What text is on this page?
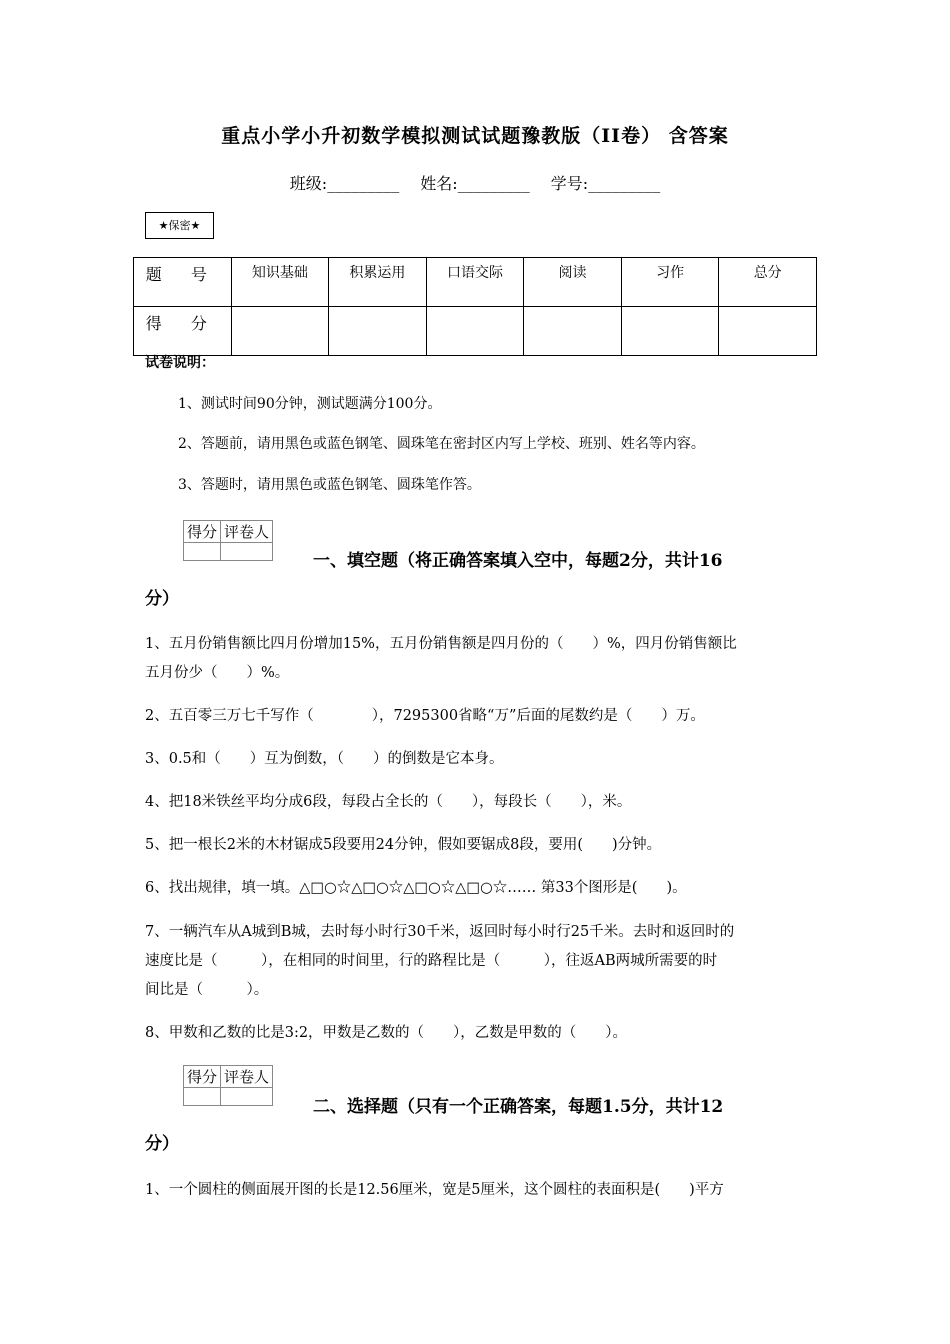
重点小学小升初数学模拟测试试题豫教版（II卷） 含答案
班级:_________ 姓名:_________ 学号:_________
★保密★
题 号	知识基础	积累运用	口语交际	阅读	习作	总分
得 分						
试卷说明：
1、测试时间90分钟，测试题满分100分。
2、答题前，请用黑色或蓝色钢笔、圆珠笔在密封区内写上学校、班别、姓名等内容。
3、答题时，请用黑色或蓝色钢笔、圆珠笔作答。
得分	评卷人

一、填空题（将正确答案填入空中，每题2分，共计16
分）
1、五月份销售额比四月份增加15%，五月份销售额是四月份的（　　）%，四月份销售额比
五月份少（　　）%。
2、五百零三万七千写作（　　　　），7295300省略“万”后面的尾数约是（　　）万。
3、0.5和（　　）互为倒数，（　　）的倒数是它本身。
4、把18米铁丝平均分成6段，每段占全长的（　　），每段长（　　），米。
5、把一根长2米的木材锯成5段要用24分钟，假如要锯成8段，要用(　　)分钟。
6、找出规律，填一填。△□○☆△□○☆△□○☆△□○☆…… 第33个图形是(　　)。
7、一辆汽车从A城到B城，去时每小时行30千米，返回时每小时行25千米。去时和返回时的
速度比是（　　　），在相同的时间里，行的路程比是（　　　），往返AB两城所需要的时
间比是（　　　）。
8、甲数和乙数的比是3:2，甲数是乙数的（　　），乙数是甲数的（　　）。
得分	评卷人

二、选择题（只有一个正确答案，每题1.5分，共计12
分）
1、一个圆柱的侧面展开图的长是12.56厘米，宽是5厘米，这个圆柱的表面积是(　　)平方
